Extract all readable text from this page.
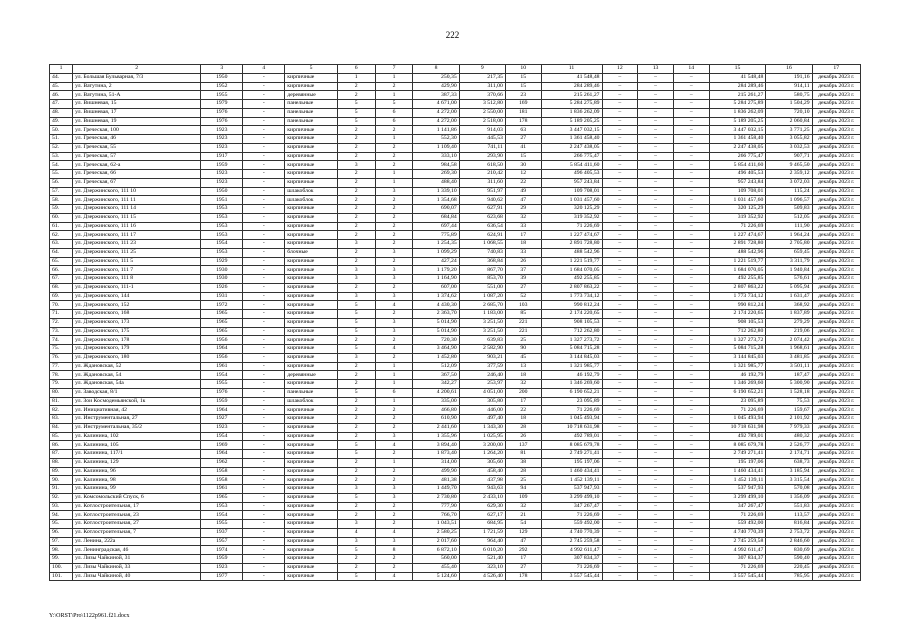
222
1	2	3	4	5	6	7	8	9	10	11	12	13	14	15	16	17
44.	ул. Большая Бульварная, 7/3	1950	-	кирпичные	1	1	250,35	217,35	15	41 548,48	–	–	–	41 548,48	191,16	декабрь 2023 г.
45.	ул. Ватутина, 2	1952	-	кирпичные	2	2	429,90	311,00	15	284 289,46	–	–	–	284 289,46	914,11	декабрь 2023 г.
46.	ул. Ватутина, 51-А	1955	-	деревянные	2	1	387,33	370,66	23	215 261,27	–	–	–	215 261,27	580,75	декабрь 2023 г.
47.	ул. Вишневая, 15	1979	-	панельные	5	5	4 671,00	3 512,80	169	5 284 275,89	–	–	–	5 284 275,89	1 504,29	декабрь 2023 г.
48.	ул. Вишневая, 17	1976	-	панельные	5	6	4 272,00	2 550,00	181	1 836 262,09	–	–	–	1 836 262,09	720,10	декабрь 2023 г.
49.	ул. Вишневая, 19	1976	-	панельные	5	6	4 272,00	2 518,00	178	5 189 205,25	–	–	–	5 189 205,25	2 060,84	декабрь 2023 г.
50.	ул. Греческая, 100	1923	-	кирпичные	2	2	1 141,86	914,03	63	3 447 032,15	–	–	–	3 447 032,15	3 771,25	декабрь 2023 г.
51.	ул. Греческая, 46	1923	-	кирпичные	2	1	552,30	445,53	27	1 361 458,40	–	–	–	1 361 458,40	3 055,82	декабрь 2023 г.
52.	ул. Греческая, 55	1923	-	кирпичные	2	2	1 109,40	741,11	41	2 247 438,05	–	–	–	2 247 438,05	3 032,53	декабрь 2023 г.
53.	ул. Греческая, 57	1917	-	кирпичные	2	2	333,10	293,90	15	266 775,47	–	–	–	266 775,47	907,71	декабрь 2023 г.
54.	ул. Греческая, 62-а	1959	-	кирпичные	3	2	984,58	618,50	30	5 854 411,60	–	–	–	5 854 411,60	9 465,50	декабрь 2023 г.
55.	ул. Греческая, 66	1923	-	кирпичные	2	1	269,30	210,42	12	496 405,53	–	–	–	496 405,53	2 359,12	декабрь 2023 г.
56.	ул. Греческая, 67	1923	-	кирпичные	2	1	488,40	311,60	22	957 243,84	–	–	–	957 243,84	3 072,03	декабрь 2023 г.
57.	ул. Дзержинского, 111 10	1950	-	шлакоблок	2	3	1 339,10	951,97	49	109 708,01	–	–	–	109 708,01	115,24	декабрь 2023 г.
58.	ул. Дзержинского, 111 11	1951	-	шлакоблок	2	2	1 354,68	940,62	47	1 031 457,60	–	–	–	1 031 457,60	1 096,57	декабрь 2023 г.
59.	ул. Дзержинского, 111 14	1953	-	кирпичные	2	2	690,07	627,91	29	320 125,29	–	–	–	320 125,29	509,83	декабрь 2023 г.
60.	ул. Дзержинского, 111 15	1953	-	кирпичные	2	2	684,84	623,68	32	319 352,92	–	–	–	319 352,92	512,05	декабрь 2023 г.
61.	ул. Дзержинского, 111 16	1953	-	кирпичные	2	2	697,44	636,54	33	71 226,69	–	–	–	71 226,69	111,90	декабрь 2023 г.
62.	ул. Дзержинского, 111 17	1953	-	кирпичные	2	2	775,89	624,91	17	1 227 474,67	–	–	–	1 227 474,67	1 964,24	декабрь 2023 г.
63.	ул. Дзержинского, 111 23	1954	-	кирпичные	3	2	1 254,35	1 068,55	18	2 891 728,80	–	–	–	2 891 728,80	2 705,80	декабрь 2023 г.
64.	ул. Дзержинского, 111 25	1953	-	блочные	2	3	1 099,29	740,83	33	488 542,96	–	–	–	488 542,96	659,45	декабрь 2023 г.
65.	ул. Дзержинского, 111 5	1929	-	кирпичные	2	2	427,24	368,84	26	1 221 519,77	–	–	–	1 221 519,77	3 311,79	декабрь 2023 г.
66.	ул. Дзержинского, 111 7	1930	-	кирпичные	3	3	1 179,20	867,70	37	1 684 070,05	–	–	–	1 684 070,05	1 940,84	декабрь 2023 г.
67.	ул. Дзержинского, 111 8	1930	-	кирпичные	3	3	1 164,90	853,70	39	492 255,85	–	–	–	492 255,85	576,61	декабрь 2023 г.
68.	ул. Дзержинского, 111-1	1926	-	кирпичные	2	2	607,00	551,00	27	2 807 863,22	–	–	–	2 807 863,22	5 095,94	декабрь 2023 г.
69.	ул. Дзержинского, 144	1931	-	кирпичные	3	3	1 374,62	1 087,20	52	1 773 734,12	–	–	–	1 773 734,12	1 631,47	декабрь 2023 г.
70.	ул. Дзержинского, 152	1972	-	кирпичные	5	4	4 430,30	2 685,70	103	990 812,24	–	–	–	990 812,24	368,92	декабрь 2023 г.
71.	ул. Дзержинского, 168	1965	-	кирпичные	5	2	2 363,70	1 183,00	85	2 174 220,65	–	–	–	2 174 220,65	1 837,89	декабрь 2023 г.
72.	ул. Дзержинского, 173	1965	-	кирпичные	5	3	5 014,90	3 251,50	221	908 105,53	–	–	–	908 105,53	279,29	декабрь 2023 г.
73.	ул. Дзержинского, 175	1965	-	кирпичные	5	3	5 014,90	3 251,50	221	712 262,80	–	–	–	712 262,80	219,06	декабрь 2023 г.
74.	ул. Дзержинского, 178	1956	-	кирпичные	2	2	720,30	639,83	25	1 327 273,72	–	–	–	1 327 273,72	2 074,42	декабрь 2023 г.
75.	ул. Дзержинского, 179	1964	-	кирпичные	5	4	3 464,90	2 582,90	90	5 084 715,28	–	–	–	5 084 715,28	1 968,61	декабрь 2023 г.
76.	ул. Дзержинского, 180	1956	-	кирпичные	3	2	1 452,80	903,21	45	3 144 845,03	–	–	–	3 144 845,03	3 481,85	декабрь 2023 г.
77.	ул. Ждановская, 52	1961	-	кирпичные	2	1	512,09	377,59	13	1 321 985,77	–	–	–	1 321 985,77	3 501,11	декабрь 2023 г.
78.	ул. Ждановская, 54	1954	-	деревянные	2	1	367,50	246,40	18	46 192,79	–	–	–	46 192,79	187,47	декабрь 2023 г.
79.	ул. Ждановская, 54а	1955	-	кирпичные	2	1	342,27	253,97	32	1 346 269,60	–	–	–	1 346 269,60	5 300,90	декабрь 2023 г.
80.	ул. Заводская, 8/1	1976	-	панельные	5	6	4 200,61	4 051,00	200	6 190 652,21	–	–	–	6 190 652,21	1 528,18	декабрь 2023 г.
81.	ул. Зои Космодемьянской, 1к	1959	-	шлакоблок	2	1	335,00	305,80	17	23 095,89	–	–	–	23 095,89	75,53	декабрь 2023 г.
82.	ул. Инициативная, 42	1964	-	кирпичные	2	2	466,80	446,00	22	71 226,69	–	–	–	71 226,69	159,67	декабрь 2023 г.
83.	ул. Инструментальная, 27	1927	-	кирпичные	2	2	610,90	497,40	18	1 045 493,94	–	–	–	1 045 493,94	2 101,92	декабрь 2023 г.
84.	ул. Инструментальная, 35/2	1923	-	кирпичные	2	2	2 441,60	1 343,30	28	10 718 631,98	–	–	–	10 718 631,98	7 979,33	декабрь 2023 г.
85.	ул. Калинина, 102	1954	-	кирпичные	2	3	1 355,96	1 025,95	26	492 789,01	–	–	–	492 789,01	480,32	декабрь 2023 г.
86.	ул. Калинина, 105	1969	-	кирпичные	5	4	3 894,40	3 200,00	137	8 085 679,78	–	–	–	8 085 679,78	2 526,77	декабрь 2023 г.
87.	ул. Калинина, 117/1	1964	-	кирпичные	5	2	1 873,40	1 264,20	81	2 749 271,41	–	–	–	2 749 271,41	2 174,71	декабрь 2023 г.
88.	ул. Калинина, 129	1962	-	кирпичные	2	1	314,00	305,60	38	195 197,06	–	–	–	195 197,06	638,73	декабрь 2023 г.
89.	ул. Калинина, 96	1958	-	кирпичные	2	2	499,90	458,40	28	1 460 434,41	–	–	–	1 460 434,41	3 185,94	декабрь 2023 г.
90.	ул. Калинина, 98	1958	-	кирпичные	2	2	481,38	437,98	25	1 452 139,11	–	–	–	1 452 139,11	3 315,54	декабрь 2023 г.
91.	ул. Калинина, 99	1961	-	кирпичные	3	3	1 449,70	943,63	94	537 947,93	–	–	–	537 947,93	570,08	декабрь 2023 г.
92.	ул. Комсомольский Спуск, 6	1965	-	кирпичные	5	3	2 730,80	2 433,10	109	3 299 499,10	–	–	–	3 299 499,10	1 356,09	декабрь 2023 г.
93.	ул. Котлостроительная, 17	1953	-	кирпичные	2	2	777,90	629,30	32	347 267,47	–	–	–	347 267,47	551,83	декабрь 2023 г.
94.	ул. Котлостроительная, 23	1954	-	кирпичные	2	2	766,70	627,17	21	71 226,69	–	–	–	71 226,69	113,57	декабрь 2023 г.
95.	ул. Котлостроительная, 27	1955	-	кирпичные	3	2	1 043,51	684,95	54	559 492,00	–	–	–	559 492,00	816,84	декабрь 2023 г.
96.	ул. Котлостроительная, 7	1937	-	кирпичные	4	4	2 580,25	1 721,59	129	4 740 770,39	–	–	–	4 740 770,39	2 753,72	декабрь 2023 г.
97.	ул. Ленина, 222а	1957	-	кирпичные	3	3	2 017,60	964,40	47	2 745 259,58	–	–	–	2 745 259,58	2 846,60	декабрь 2023 г.
98.	ул. Ленинградская, 46	1974	-	кирпичные	5	8	6 872,10	6 010,20	292	4 992 611,47	–	–	–	4 992 611,47	830,69	декабрь 2023 г.
99.	ул. Лизы Чайкиной, 31	1959	-	кирпичные	2	2	560,00	521,40	17	307 834,37	–	–	–	307 834,37	590,40	декабрь 2023 г.
100.	ул. Лизы Чайкиной, 33	1923	-	кирпичные	2	2	455,40	323,10	27	71 226,69	–	–	–	71 226,69	220,45	декабрь 2023 г.
101.	ул. Лизы Чайкиной, 40	1977	-	кирпичные	5	4	5 124,60	4 526,40	178	3 557 545,44	–	–	–	3 557 545,44	785,95	декабрь 2023 г.
Y:\ORST\Pro\1122p961.f21.docx
